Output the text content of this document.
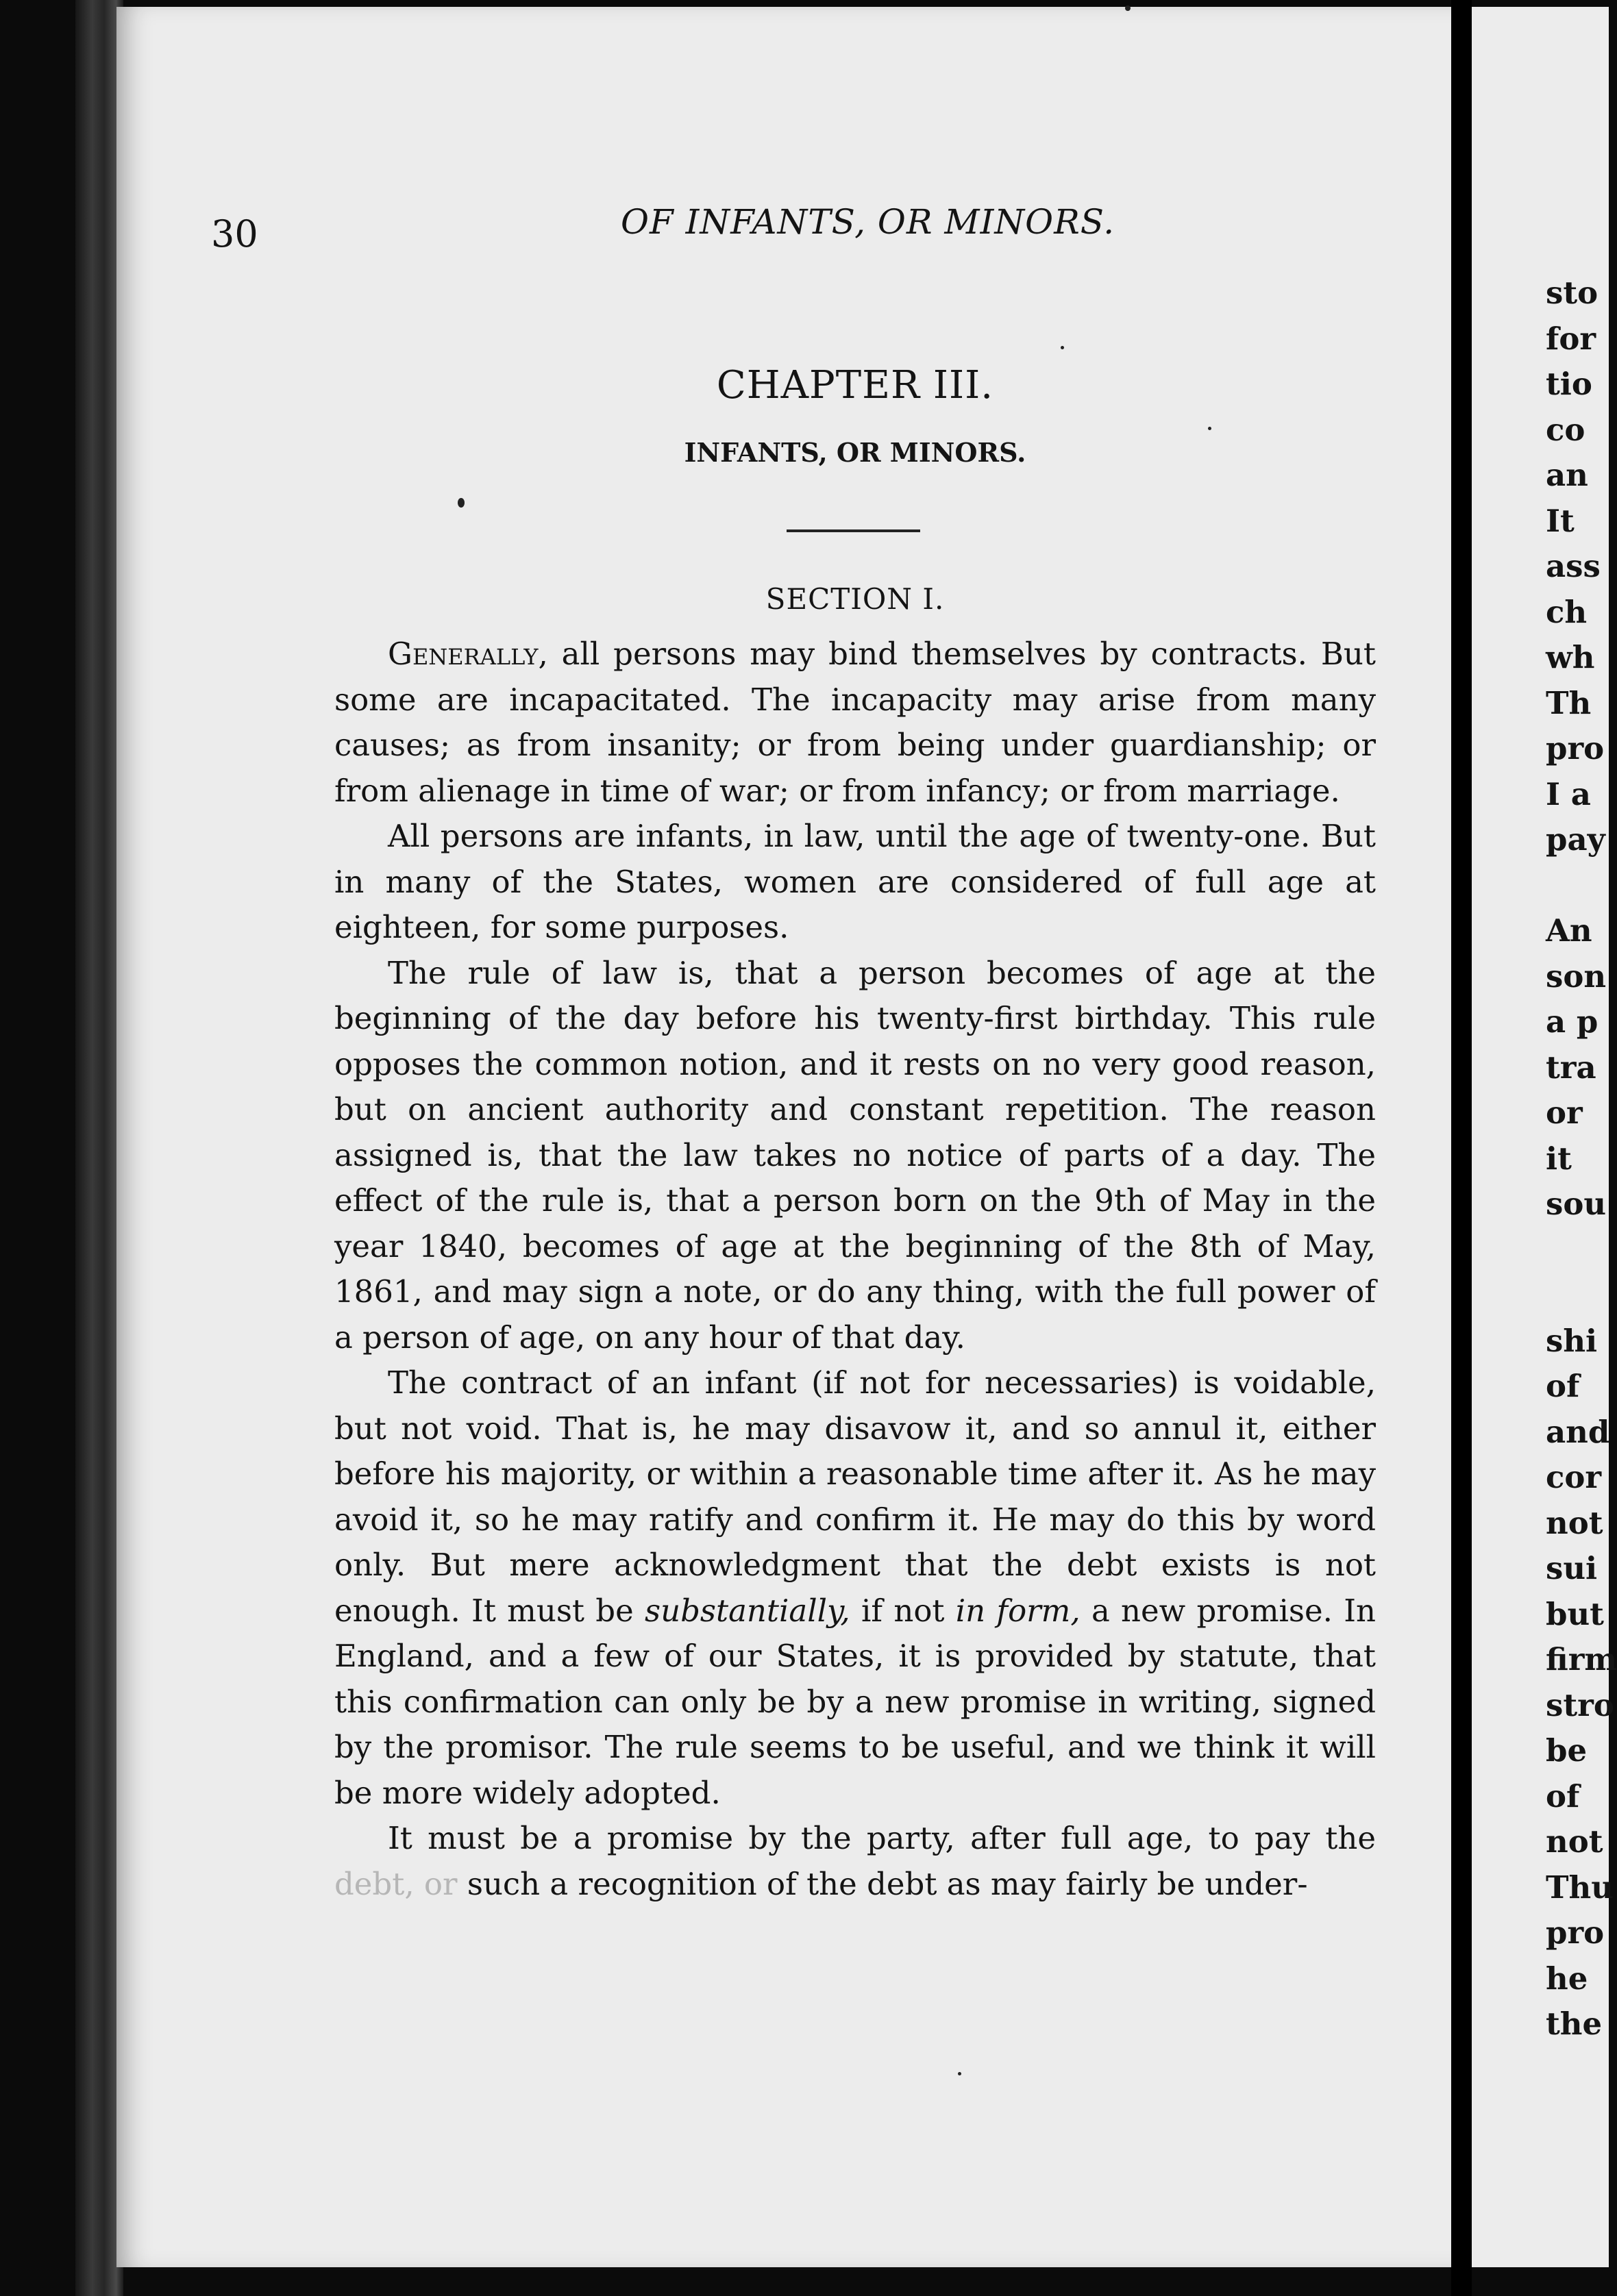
30	OF INFANTS, OR MINORS.
CHAPTER III.
INFANTS, OR MINORS.
SECTION I.

Generally, all persons may bind themselves by contracts. But some are incapacitated. The incapacity may arise from many causes; as from insanity; or from being under guardianship; or from alienage in time of war; or from infancy; or from marriage.

All persons are infants, in law, until the age of twenty-one. But in many of the States, women are considered of full age at eighteen, for some purposes.

The rule of law is, that a person becomes of age at the beginning of the day before his twenty-first birthday. This rule opposes the common notion, and it rests on no very good reason, but on ancient authority and constant repetition. The reason assigned is, that the law takes no notice of parts of a day. The effect of the rule is, that a person born on the 9th of May in the year 1840, becomes of age at the beginning of the 8th of May, 1861, and may sign a note, or do any thing, with the full power of a person of age, on any hour of that day.

The contract of an infant (if not for necessaries) is voidable, but not void. That is, he may disavow it, and so annul it, either before his majority, or within a reasonable time after it. As he may avoid it, so he may ratify and confirm it. He may do this by word only. But mere acknowledgment that the debt exists is not enough. It must be substantially, if not in form, a new promise. In England, and a few of our States, it is provided by statute, that this confirmation can only be by a new promise in writing, signed by the promisor. The rule seems to be useful, and we think it will be more widely adopted.

It must be a promise by the party, after full age, to pay the debt, or such a recognition of the debt as may fairly be under-

sto
for
tio
co
an
It
ass
ch
wh
Th
pro
I a
pay
An
son
a p
tra
or
it
sou
shi
of
and
cor
not
sui
but
firm
stro
be
of
not
Thu
pro
he
the
